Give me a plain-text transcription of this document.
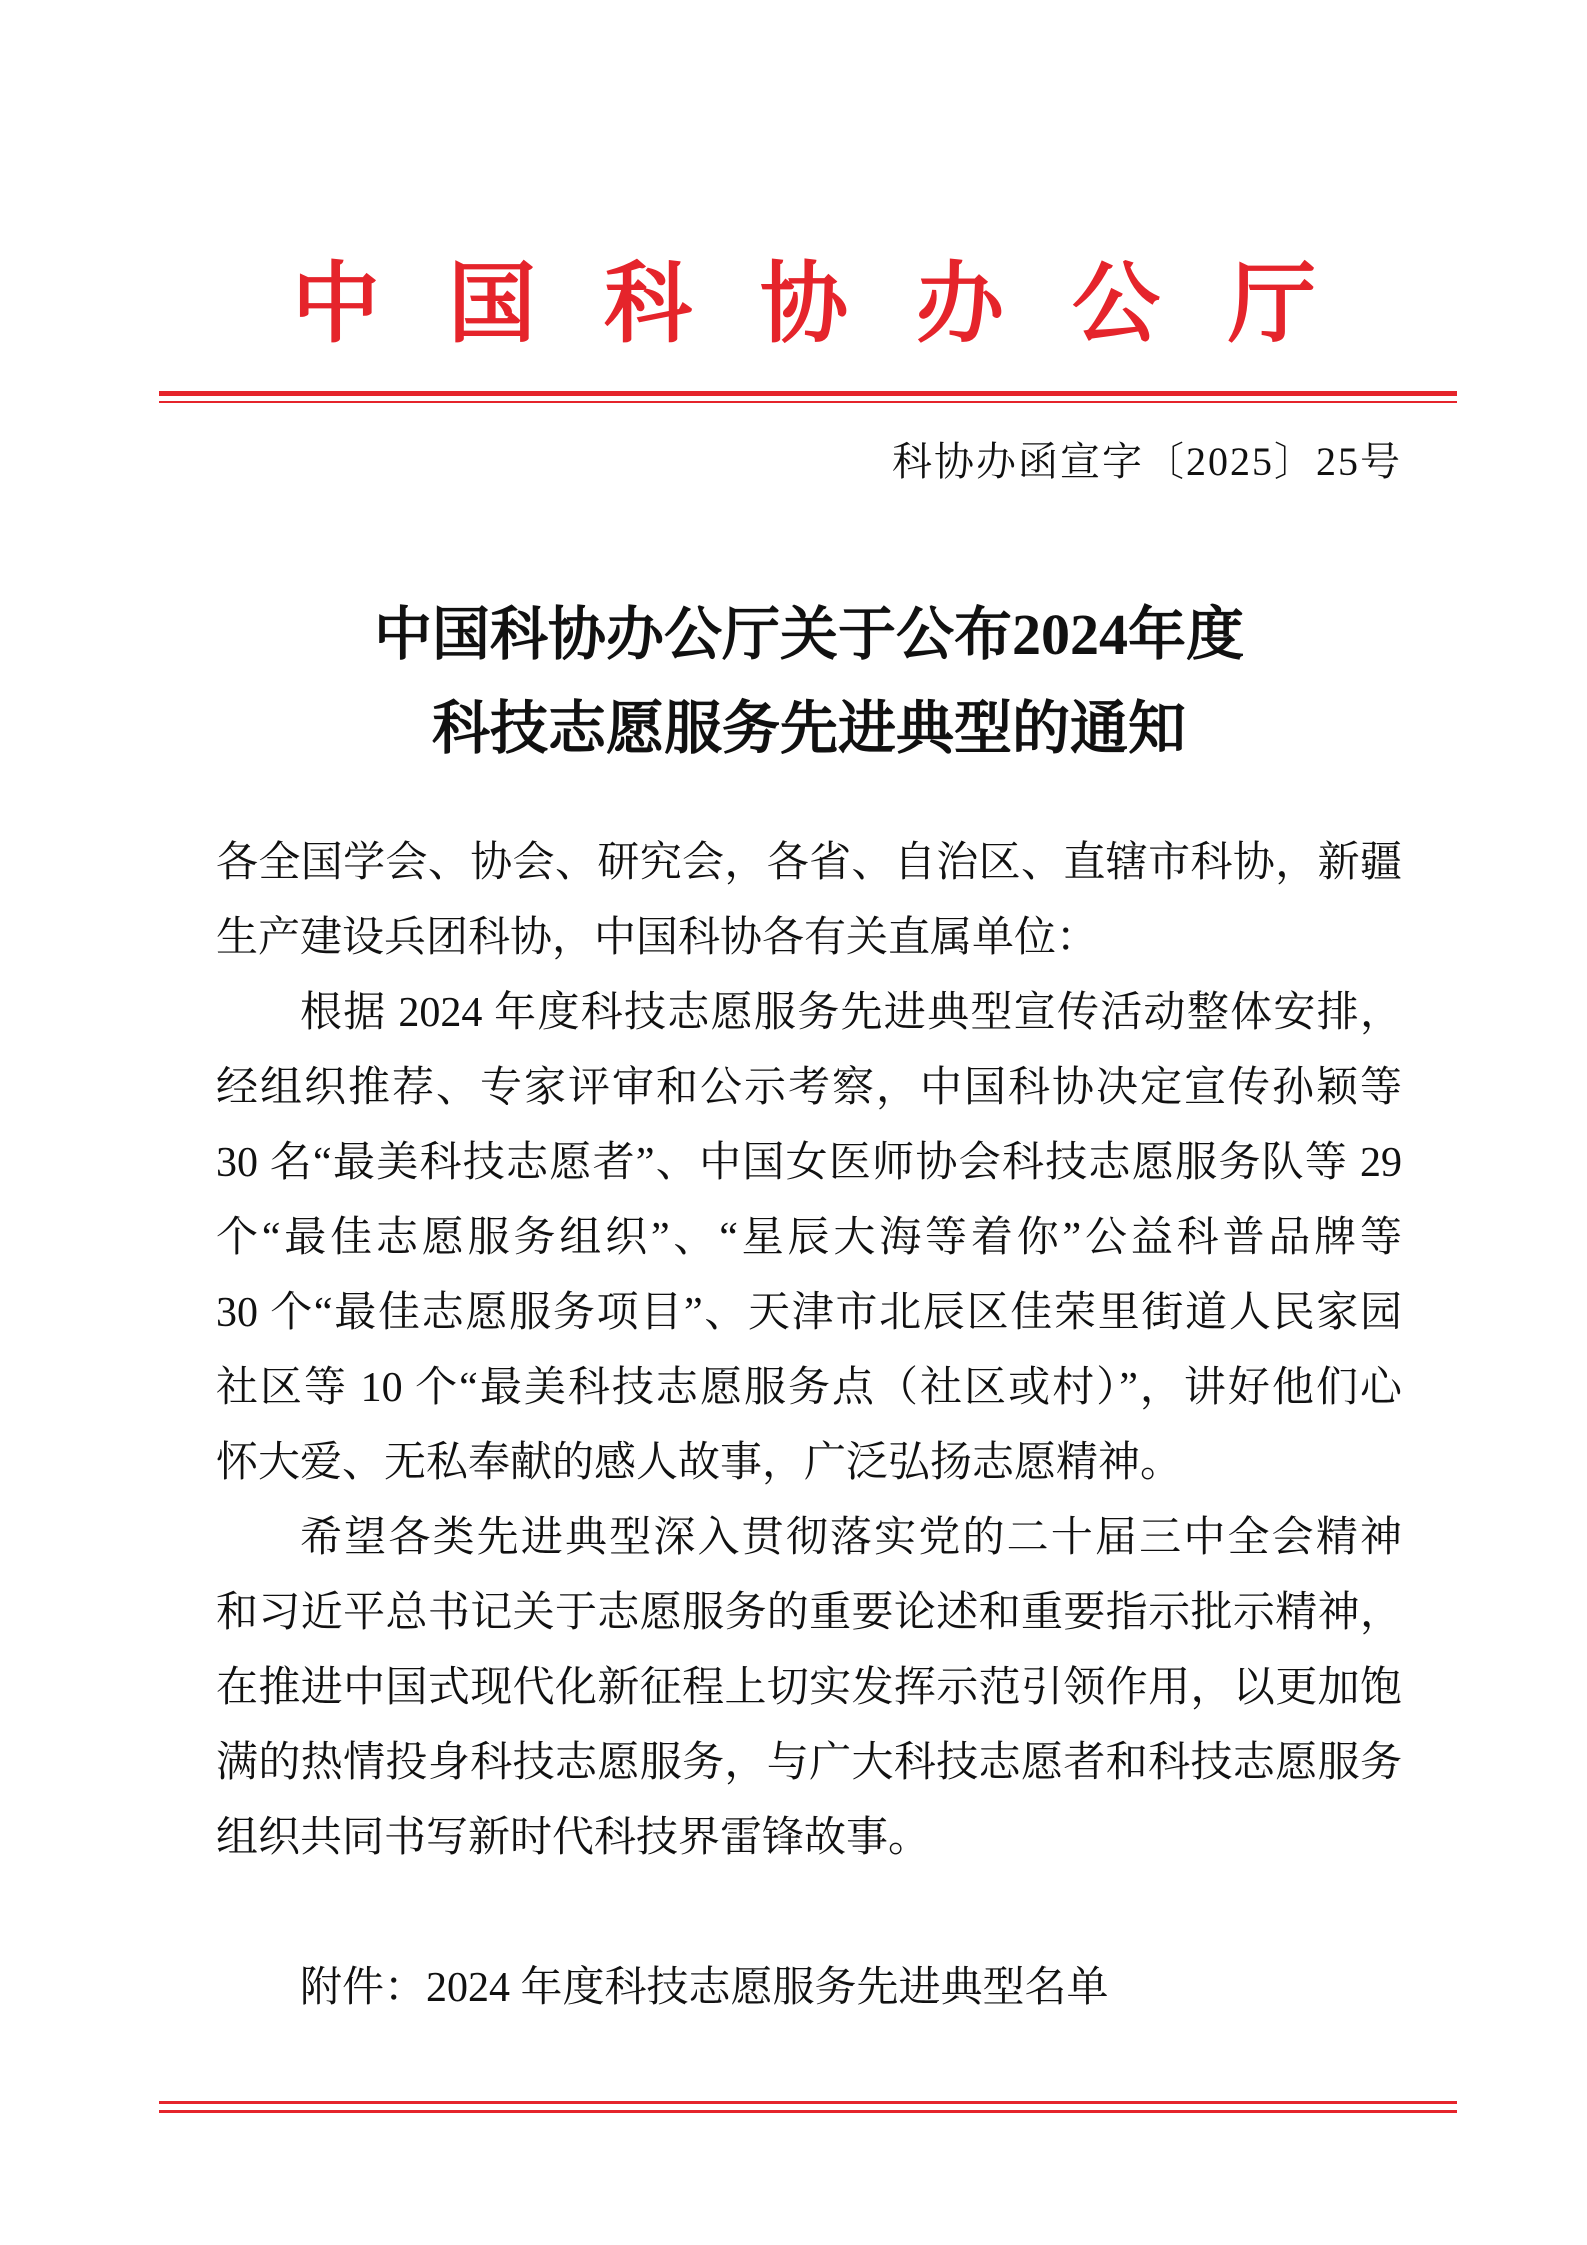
中国科协办公厅
科协办函宣字〔2025〕25号
中国科协办公厅关于公布2024年度
科技志愿服务先进典型的通知
各全国学会、协会、研究会，各省、自治区、直辖市科协，新疆
生产建设兵团科协，中国科协各有关直属单位：
根据 2024 年度科技志愿服务先进典型宣传活动整体安排，
经组织推荐、专家评审和公示考察，中国科协决定宣传孙颖等
30 名“最美科技志愿者”、中国女医师协会科技志愿服务队等 29
个“最佳志愿服务组织”、“星辰大海等着你”公益科普品牌等
30 个“最佳志愿服务项目”、天津市北辰区佳荣里街道人民家园
社区等 10 个“最美科技志愿服务点（社区或村）”，讲好他们心
怀大爱、无私奉献的感人故事，广泛弘扬志愿精神。
希望各类先进典型深入贯彻落实党的二十届三中全会精神
和习近平总书记关于志愿服务的重要论述和重要指示批示精神，
在推进中国式现代化新征程上切实发挥示范引领作用，以更加饱
满的热情投身科技志愿服务，与广大科技志愿者和科技志愿服务
组织共同书写新时代科技界雷锋故事。
附件：2024 年度科技志愿服务先进典型名单
